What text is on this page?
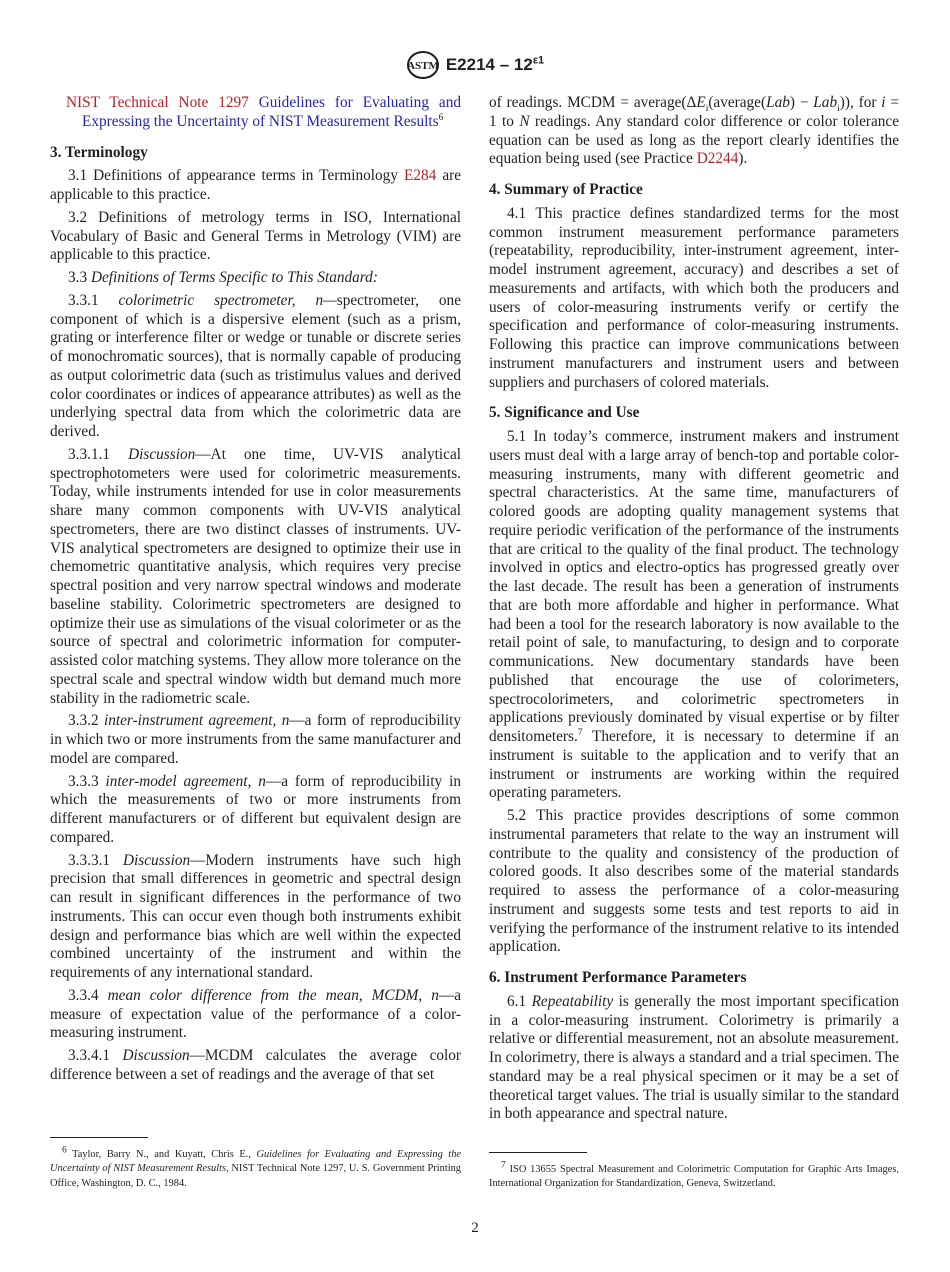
ASTM $E2214 - 12^{\varepsilon 1}$
NIST Technical Note 1297 Guidelines for Evaluating and Expressing the Uncertainty of NIST Measurement Results$^6$
3. Terminology
3.1 Definitions of appearance terms in Terminology E284 are applicable to this practice.
3.2 Definitions of metrology terms in ISO, International Vocabulary of Basic and General Terms in Metrology (VIM) are applicable to this practice.
3.3 Definitions of Terms Specific to This Standard:
3.3.1 colorimetric spectrometer, n—spectrometer, one component of which is a dispersive element (such as a prism, grating or interference filter or wedge or tunable or discrete series of monochromatic sources), that is normally capable of producing as output colorimetric data (such as tristimulus values and derived color coordinates or indices of appearance attributes) as well as the underlying spectral data from which the colorimetric data are derived.
3.3.1.1 Discussion—At one time, UV-VIS analytical spectrophotometers were used for colorimetric measurements. Today, while instruments intended for use in color measurements share many common components with UV-VIS analytical spectrometers, there are two distinct classes of instruments. UV-VIS analytical spectrometers are designed to optimize their use in chemometric quantitative analysis, which requires very precise spectral position and very narrow spectral windows and moderate baseline stability. Colorimetric spectrometers are designed to optimize their use as simulations of the visual colorimeter or as the source of spectral and colorimetric information for computer-assisted color matching systems. They allow more tolerance on the spectral scale and spectral window width but demand much more stability in the radiometric scale.
3.3.2 inter-instrument agreement, n—a form of reproducibility in which two or more instruments from the same manufacturer and model are compared.
3.3.3 inter-model agreement, n—a form of reproducibility in which the measurements of two or more instruments from different manufacturers or of different but equivalent design are compared.
3.3.3.1 Discussion—Modern instruments have such high precision that small differences in geometric and spectral design can result in significant differences in the performance of two instruments. This can occur even though both instruments exhibit design and performance bias which are well within the expected combined uncertainty of the instrument and within the requirements of any international standard.
3.3.4 mean color difference from the mean, MCDM, n—a measure of expectation value of the performance of a color-measuring instrument.
3.3.4.1 Discussion—MCDM calculates the average color difference between a set of readings and the average of that set
of readings. MCDM = $average(\Delta E_i(average(Lab) - Lab_i))$, for i = 1 to N readings. Any standard color difference or color tolerance equation can be used as long as the report clearly identifies the equation being used (see Practice D2244).
4. Summary of Practice
4.1 This practice defines standardized terms for the most common instrument measurement performance parameters (repeatability, reproducibility, inter-instrument agreement, inter-model instrument agreement, accuracy) and describes a set of measurements and artifacts, with which both the producers and users of color-measuring instruments verify or certify the specification and performance of color-measuring instruments. Following this practice can improve communications between instrument manufacturers and instrument users and between suppliers and purchasers of colored materials.
5. Significance and Use
5.1 In today’s commerce, instrument makers and instrument users must deal with a large array of bench-top and portable color-measuring instruments, many with different geometric and spectral characteristics. At the same time, manufacturers of colored goods are adopting quality management systems that require periodic verification of the performance of the instruments that are critical to the quality of the final product. The technology involved in optics and electro-optics has progressed greatly over the last decade. The result has been a generation of instruments that are both more affordable and higher in performance. What had been a tool for the research laboratory is now available to the retail point of sale, to manufacturing, to design and to corporate communications. New documentary standards have been published that encourage the use of colorimeters, spectrocolorimeters, and colorimetric spectrometers in applications previously dominated by visual expertise or by filter densitometers.$^7$ Therefore, it is necessary to determine if an instrument is suitable to the application and to verify that an instrument or instruments are working within the required operating parameters.
5.2 This practice provides descriptions of some common instrumental parameters that relate to the way an instrument will contribute to the quality and consistency of the production of colored goods. It also describes some of the material standards required to assess the performance of a color-measuring instrument and suggests some tests and test reports to aid in verifying the performance of the instrument relative to its intended application.
6. Instrument Performance Parameters
6.1 Repeatability is generally the most important specification in a color-measuring instrument. Colorimetry is primarily a relative or differential measurement, not an absolute measurement. In colorimetry, there is always a standard and a trial specimen. The standard may be a real physical specimen or it may be a set of theoretical target values. The trial is usually similar to the standard in both appearance and spectral nature.

$^6$ Taylor, Barry N., and Kuyatt, Chris E., Guidelines for Evaluating and Expressing the Uncertainty of NIST Measurement Results, NIST Technical Note 1297, U. S. Government Printing Office, Washington, D. C., 1984.

$^7$ ISO 13655 Spectral Measurement and Colorimetric Computation for Graphic Arts Images, International Organization for Standardization, Geneva, Switzerland.

2
